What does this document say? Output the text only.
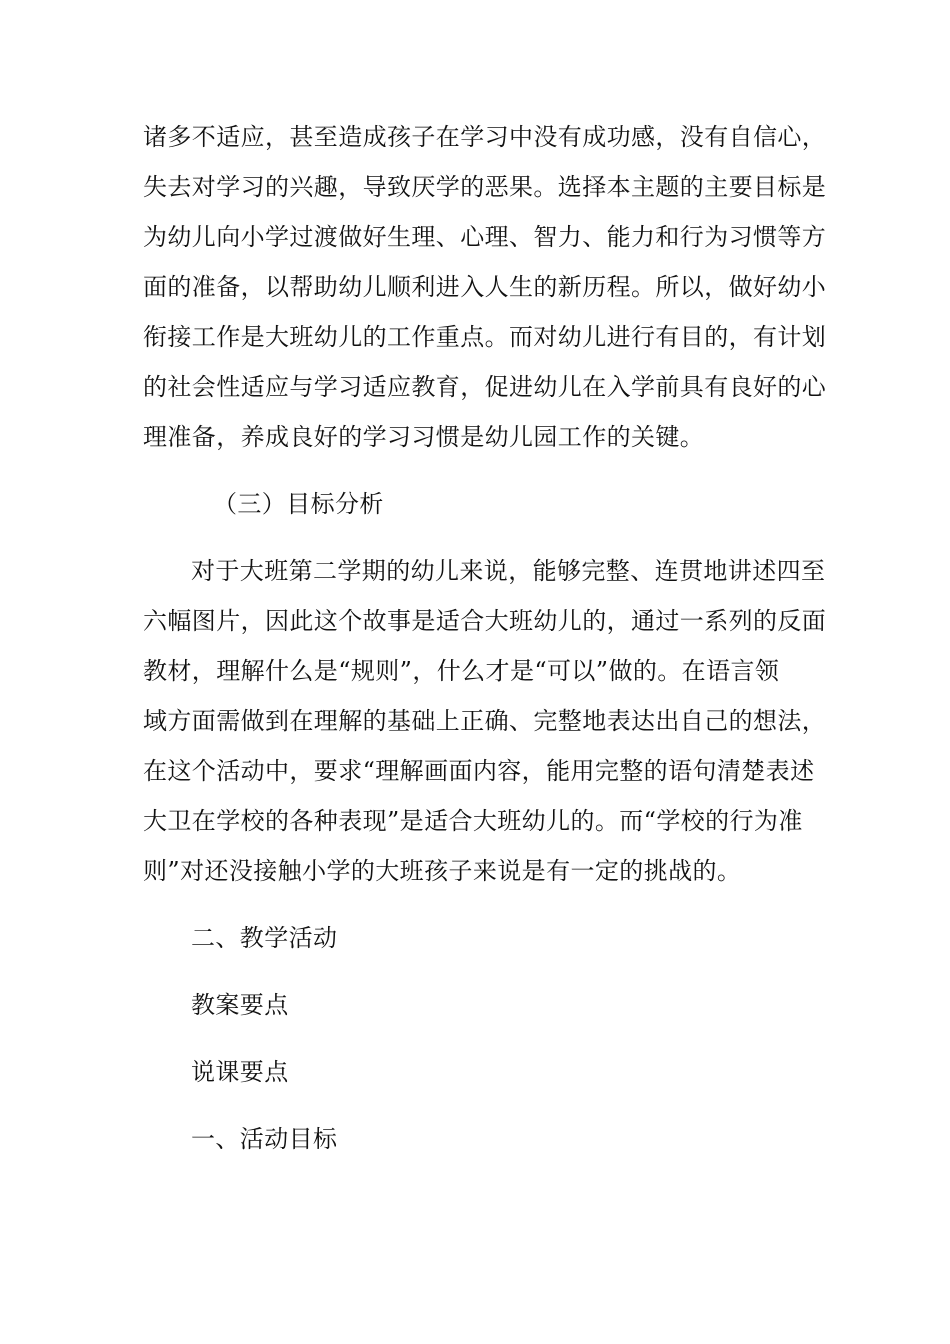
诸多不适应，甚至造成孩子在学习中没有成功感，没有自信心，
失去对学习的兴趣，导致厌学的恶果。选择本主题的主要目标是
为幼儿向小学过渡做好生理、心理、智力、能力和行为习惯等方
面的准备，以帮助幼儿顺利进入人生的新历程。所以，做好幼小
衔接工作是大班幼儿的工作重点。而对幼儿进行有目的，有计划
的社会性适应与学习适应教育，促进幼儿在入学前具有良好的心
理准备，养成良好的学习习惯是幼儿园工作的关键。
（三）目标分析
对于大班第二学期的幼儿来说，能够完整、连贯地讲述四至
六幅图片，因此这个故事是适合大班幼儿的，通过一系列的反面
教材，理解什么是“规则”，什么才是“可以”做的。在语言领
域方面需做到在理解的基础上正确、完整地表达出自己的想法，
在这个活动中，要求“理解画面内容，能用完整的语句清楚表述
大卫在学校的各种表现”是适合大班幼儿的。而“学校的行为准
则”对还没接触小学的大班孩子来说是有一定的挑战的。
二、教学活动
教案要点
说课要点
一、活动目标
